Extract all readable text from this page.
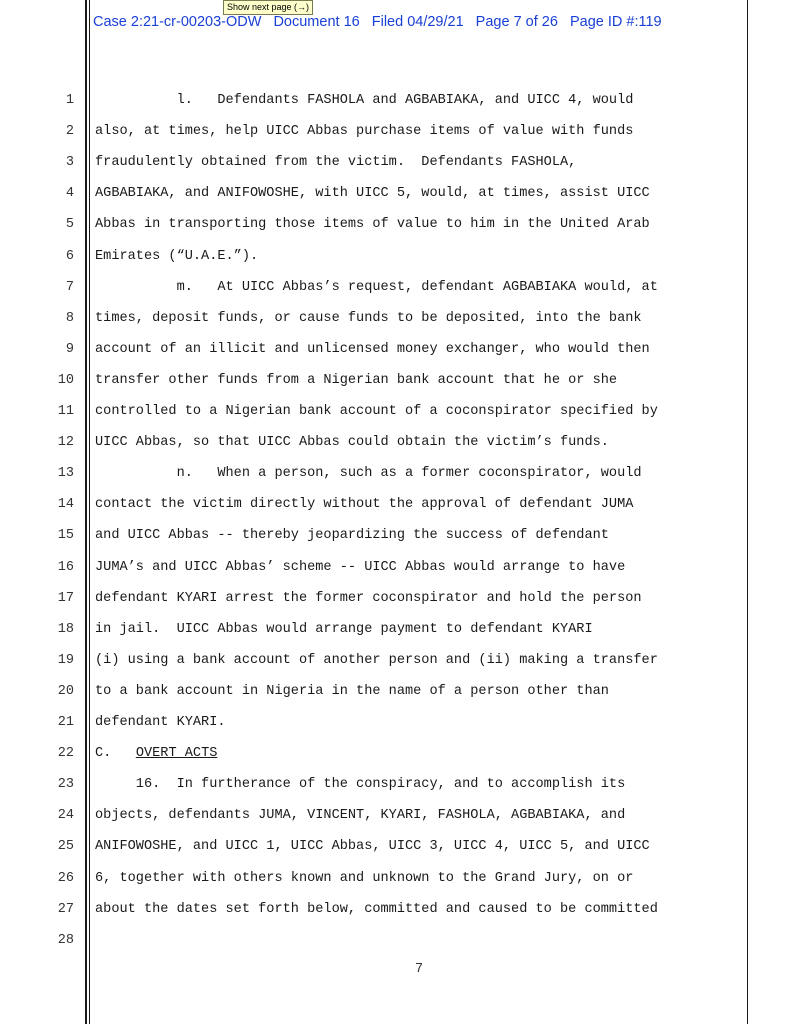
Show next page (→)
Case 2:21-cr-00203-ODW Document 16 Filed 04/29/21 Page 7 of 26 Page ID #:119
1
2
3
4
5
6
7
8
9
10
11
12
13
14
15
16
17
18
19
20
21
22
23
24
25
26
27
28
l.   Defendants FASHOLA and AGBABIAKA, and UICC 4, would
also, at times, help UICC Abbas purchase items of value with funds
fraudulently obtained from the victim.  Defendants FASHOLA,
AGBABIAKA, and ANIFOWOSHE, with UICC 5, would, at times, assist UICC
Abbas in transporting those items of value to him in the United Arab
Emirates (“U.A.E.”).
m.   At UICC Abbas’s request, defendant AGBABIAKA would, at
times, deposit funds, or cause funds to be deposited, into the bank
account of an illicit and unlicensed money exchanger, who would then
transfer other funds from a Nigerian bank account that he or she
controlled to a Nigerian bank account of a coconspirator specified by
UICC Abbas, so that UICC Abbas could obtain the victim’s funds.
n.   When a person, such as a former coconspirator, would
contact the victim directly without the approval of defendant JUMA
and UICC Abbas -- thereby jeopardizing the success of defendant
JUMA’s and UICC Abbas’ scheme -- UICC Abbas would arrange to have
defendant KYARI arrest the former coconspirator and hold the person
in jail.  UICC Abbas would arrange payment to defendant KYARI
(i) using a bank account of another person and (ii) making a transfer
to a bank account in Nigeria in the name of a person other than
defendant KYARI.
C. OVERT ACTS
16.  In furtherance of the conspiracy, and to accomplish its
objects, defendants JUMA, VINCENT, KYARI, FASHOLA, AGBABIAKA, and
ANIFOWOSHE, and UICC 1, UICC Abbas, UICC 3, UICC 4, UICC 5, and UICC
6, together with others known and unknown to the Grand Jury, on or
about the dates set forth below, committed and caused to be committed
7
